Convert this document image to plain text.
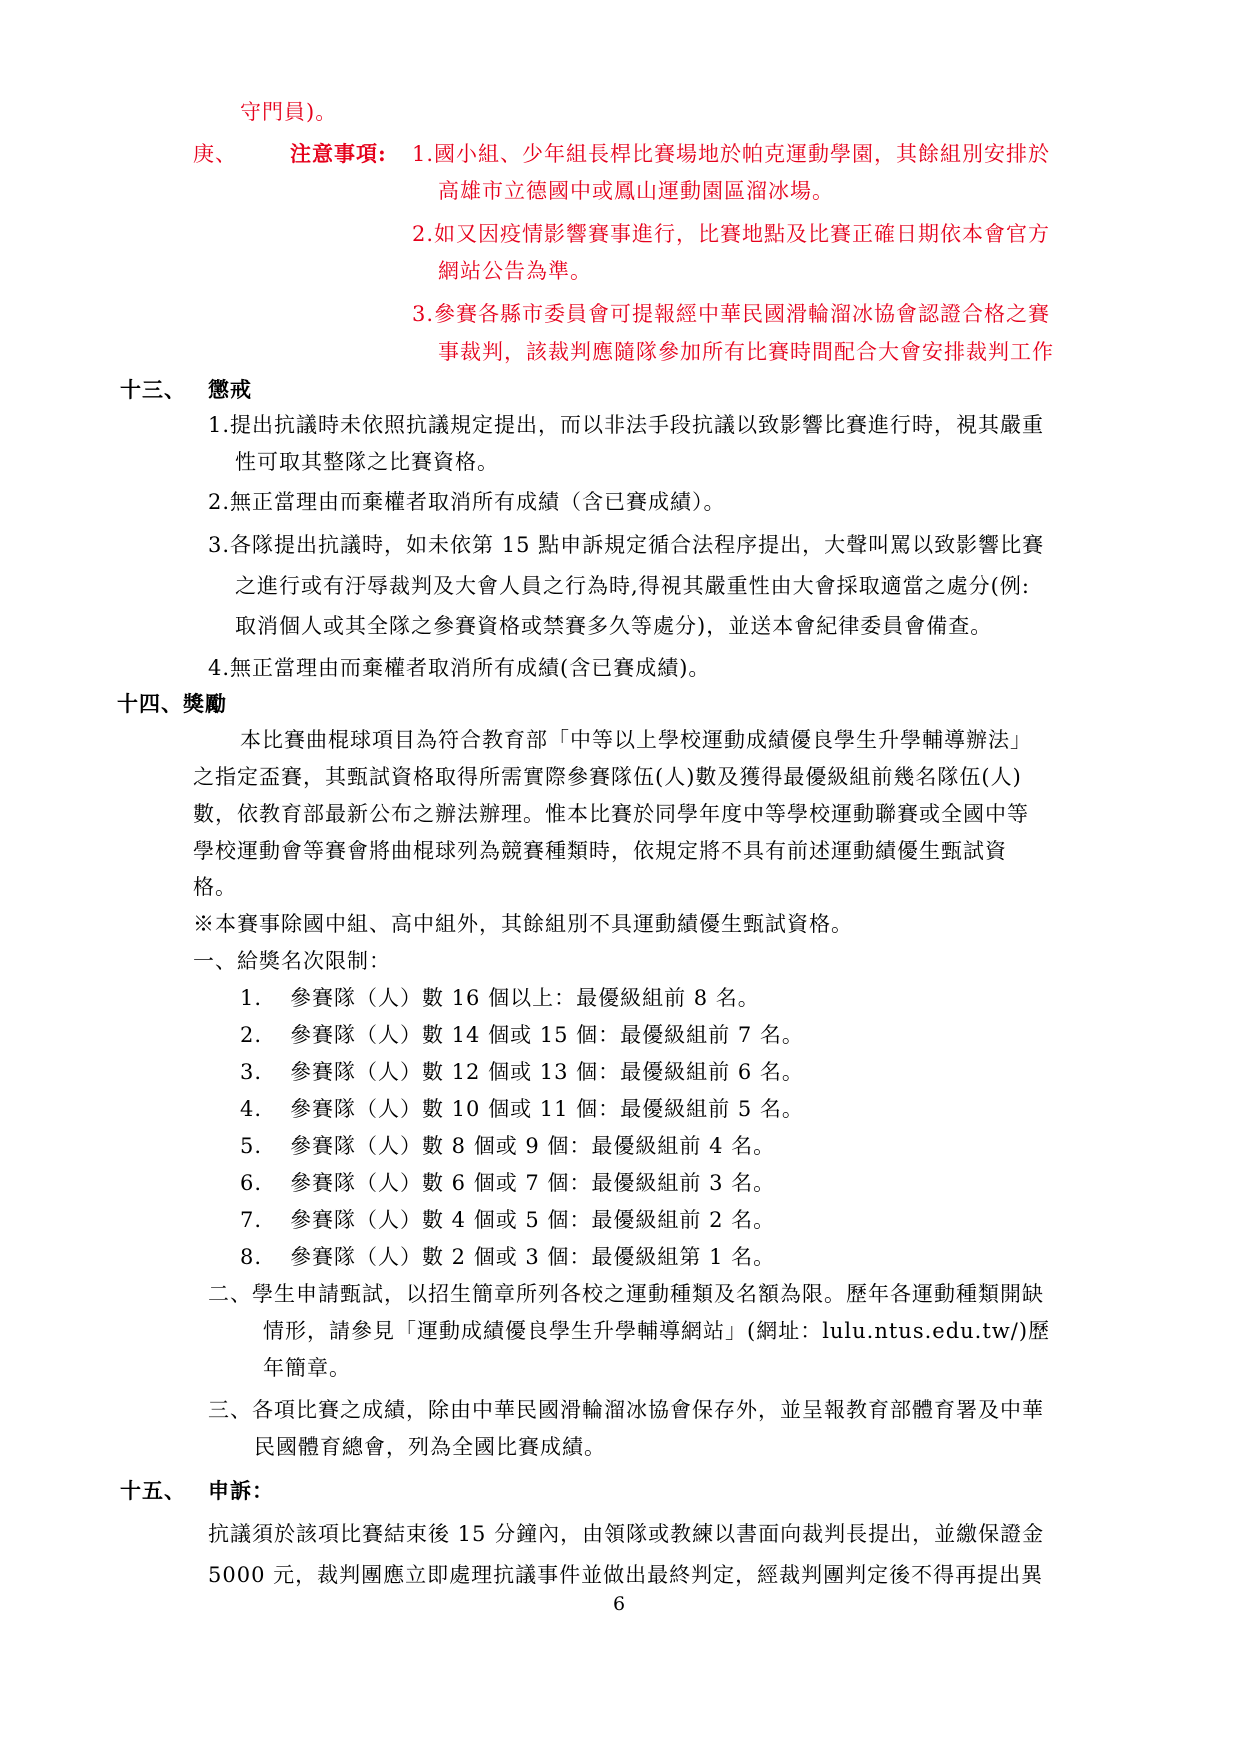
守門員)。
庚、	注意事項: 1.國小組、少年組長桿比賽場地於帕克運動學園，其餘組別安排於
高雄市立德國中或鳳山運動園區溜冰場。
2.如又因疫情影響賽事進行，比賽地點及比賽正確日期依本會官方
網站公告為準。
3.參賽各縣市委員會可提報經中華民國滑輪溜冰協會認證合格之賽
事裁判，該裁判應隨隊參加所有比賽時間配合大會安排裁判工作
十三、 懲戒
1.提出抗議時未依照抗議規定提出，而以非法手段抗議以致影響比賽進行時，視其嚴重
性可取其整隊之比賽資格。
2.無正當理由而棄權者取消所有成績（含已賽成績）。
3.各隊提出抗議時，如未依第 15 點申訴規定循合法程序提出，大聲叫罵以致影響比賽
之進行或有汙辱裁判及大會人員之行為時,得視其嚴重性由大會採取適當之處分(例:
取消個人或其全隊之參賽資格或禁賽多久等處分)，並送本會紀律委員會備查。
4.無正當理由而棄權者取消所有成績(含已賽成績)。
十四、獎勵
本比賽曲棍球項目為符合教育部「中等以上學校運動成績優良學生升學輔導辦法」
之指定盃賽，其甄試資格取得所需實際參賽隊伍(人)數及獲得最優級組前幾名隊伍(人)
數，依教育部最新公布之辦法辦理。惟本比賽於同學年度中等學校運動聯賽或全國中等
學校運動會等賽會將曲棍球列為競賽種類時，依規定將不具有前述運動績優生甄試資
格。
※本賽事除國中組、高中組外，其餘組別不具運動績優生甄試資格。
一、給獎名次限制：
1. 參賽隊（人）數 16 個以上：最優級組前 8 名。
2. 參賽隊（人）數 14 個或 15 個：最優級組前 7 名。
3. 參賽隊（人）數 12 個或 13 個：最優級組前 6 名。
4. 參賽隊（人）數 10 個或 11 個：最優級組前 5 名。
5. 參賽隊（人）數 8 個或 9 個：最優級組前 4 名。
6. 參賽隊（人）數 6 個或 7 個：最優級組前 3 名。
7. 參賽隊（人）數 4 個或 5 個：最優級組前 2 名。
8. 參賽隊（人）數 2 個或 3 個：最優級組第 1 名。
二、學生申請甄試，以招生簡章所列各校之運動種類及名額為限。歷年各運動種類開缺
情形，請參見「運動成績優良學生升學輔導網站」(網址：lulu.ntus.edu.tw/)歷
年簡章。
三、各項比賽之成績，除由中華民國滑輪溜冰協會保存外，並呈報教育部體育署及中華
民國體育總會，列為全國比賽成績。
十五、 申訴：
抗議須於該項比賽結束後 15 分鐘內，由領隊或教練以書面向裁判長提出，並繳保證金
5000 元，裁判團應立即處理抗議事件並做出最終判定，經裁判團判定後不得再提出異
6
